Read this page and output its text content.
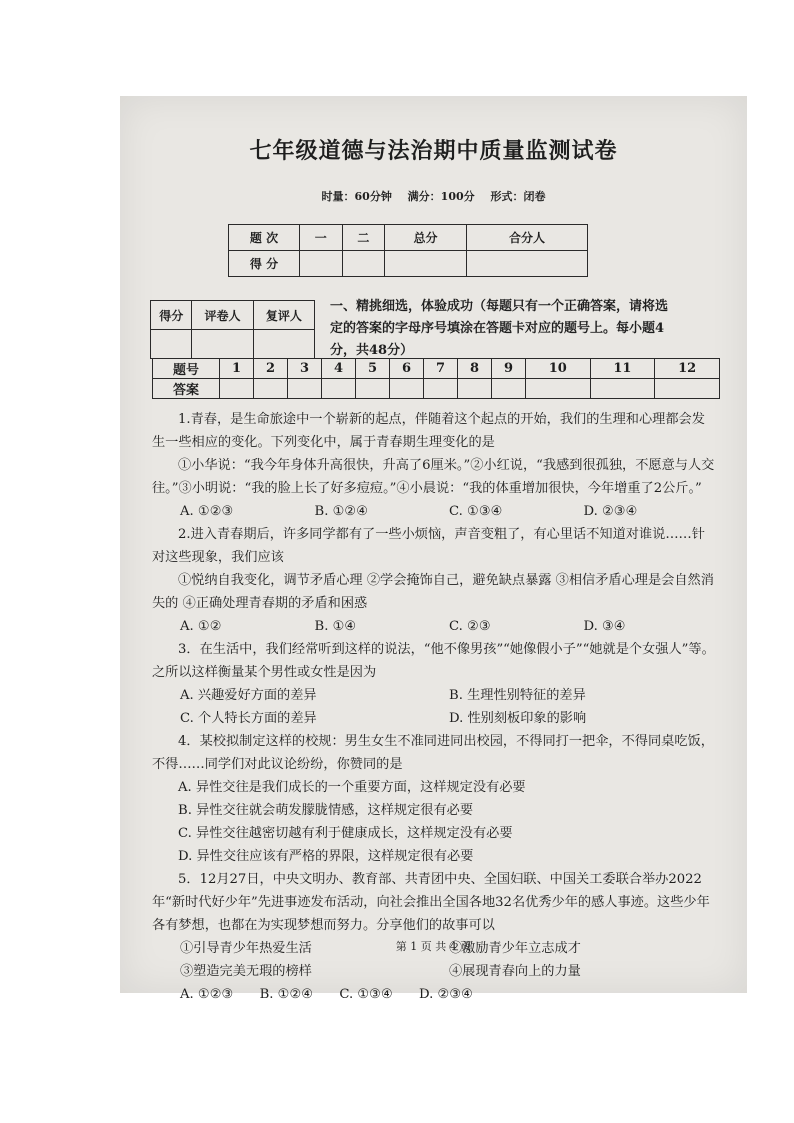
七年级道德与法治期中质量监测试卷
时量：60分钟 满分：100分 形式：闭卷
题 次	一	二	总分	合分人
得 分				
得分	评卷人	复评人

一、精挑细选，体验成功（每题只有一个正确答案，请将选定的答案的字母序号填涂在答题卡对应的题号上。每小题4分，共48分）
题号	1	2	3	4	5	6	7	8	9	10	11	12
答案												

1.青春，是生命旅途中一个崭新的起点，伴随着这个起点的开始，我们的生理和心理都会发生一些相应的变化。下列变化中，属于青春期生理变化的是

①小华说：“我今年身体升高很快，升高了6厘米。”②小红说，“我感到很孤独，不愿意与人交往。”③小明说：“我的脸上长了好多痘痘。”④小晨说：“我的体重增加很快，今年增重了2公斤。”

A. ①②③	B. ①②④	C. ①③④	D. ②③④

2.进入青春期后，许多同学都有了一些小烦恼，声音变粗了，有心里话不知道对谁说……针对这些现象，我们应该

①悦纳自我变化，调节矛盾心理 ②学会掩饰自己，避免缺点暴露 ③相信矛盾心理是会自然消失的 ④正确处理青春期的矛盾和困惑

A. ①②	B. ①④	C. ②③	D. ③④

3．在生活中，我们经常听到这样的说法，“他不像男孩”“她像假小子”“她就是个女强人”等。之所以这样衡量某个男性或女性是因为

A. 兴趣爱好方面的差异	B. 生理性别特征的差异
C. 个人特长方面的差异	D. 性别刻板印象的影响

4．某校拟制定这样的校规：男生女生不准同进同出校园，不得同打一把伞，不得同桌吃饭，不得……同学们对此议论纷纷，你赞同的是

A. 异性交往是我们成长的一个重要方面，这样规定没有必要

B. 异性交往就会萌发朦胧情感，这样规定很有必要

C. 异性交往越密切越有利于健康成长，这样规定没有必要

D. 异性交往应该有严格的界限，这样规定很有必要

5．12月27日，中央文明办、教育部、共青团中央、全国妇联、中国关工委联合举办2022年“新时代好少年”先进事迹发布活动，向社会推出全国各地32名优秀少年的感人事迹。这些少年各有梦想，也都在为实现梦想而努力。分享他们的故事可以

①引导青少年热爱生活	②激励青少年立志成才
③塑造完美无瑕的榜样	④展现青春向上的力量
A. ①②③ B. ①②④ C. ①③④ D. ②③④
第 1 页 共 4 页
